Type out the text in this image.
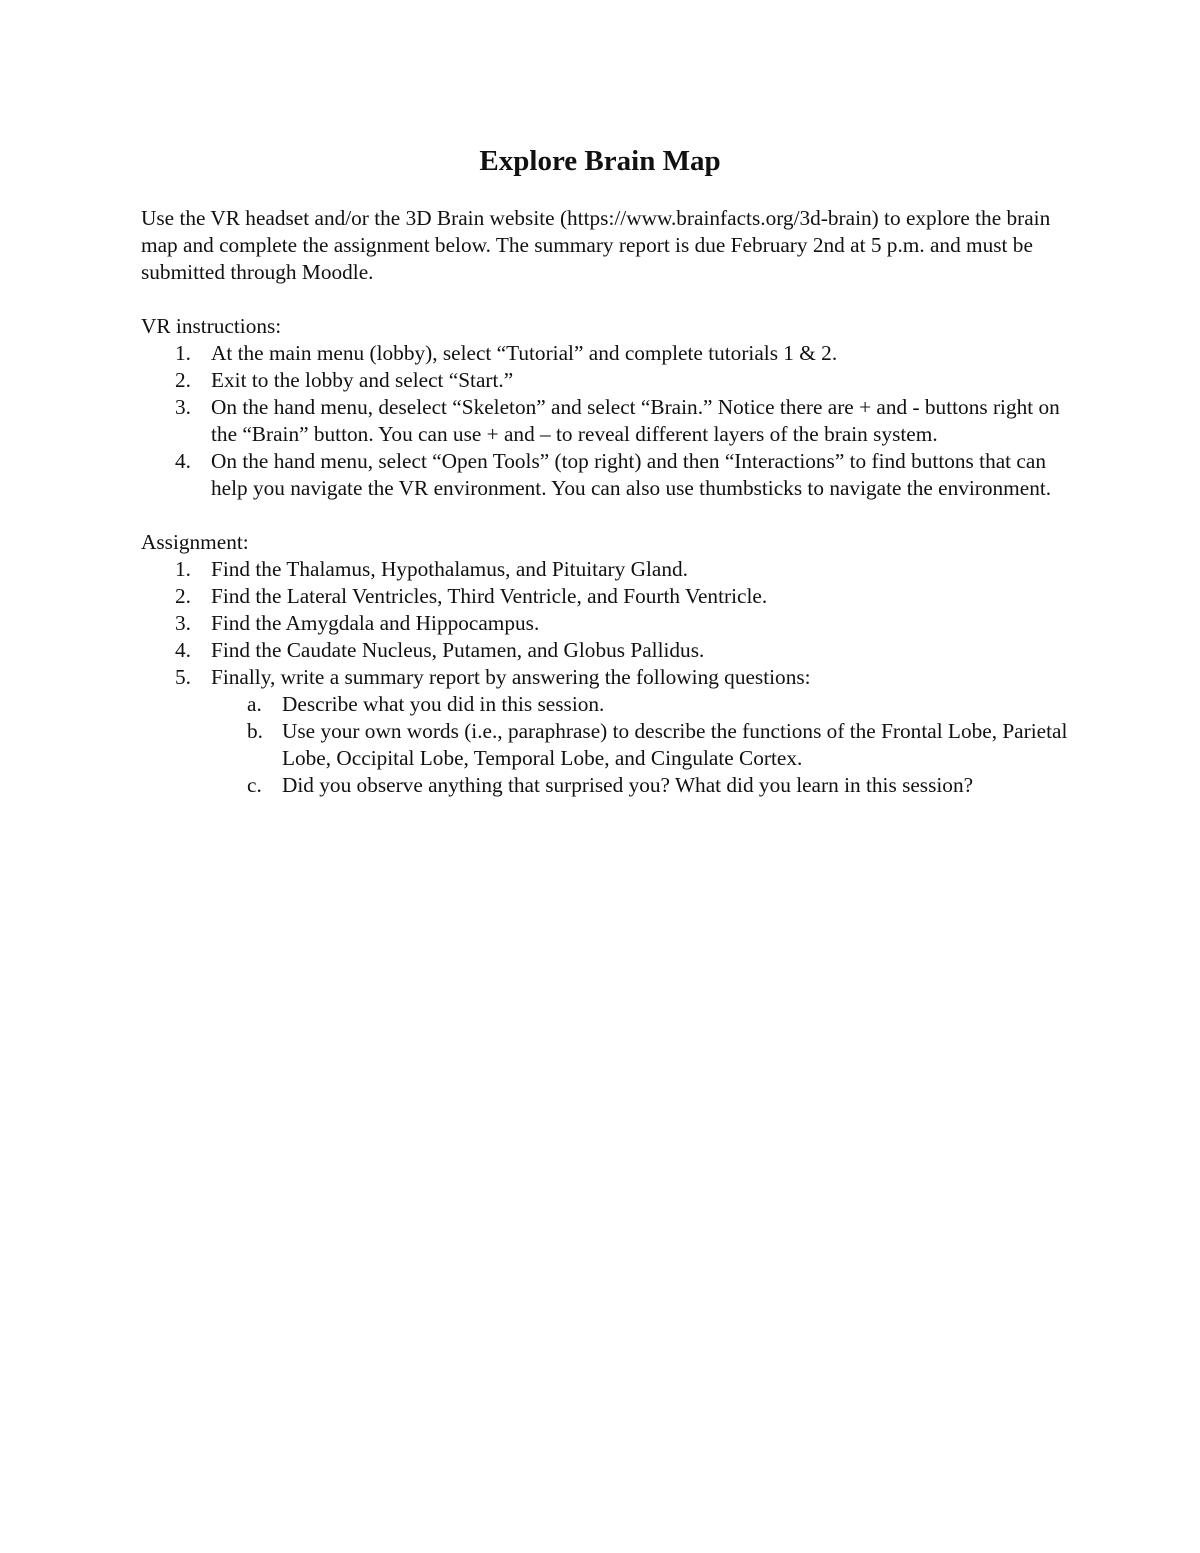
Explore Brain Map

Use the VR headset and/or the 3D Brain website (https://www.brainfacts.org/3d-brain) to explore the brain map and complete the assignment below. The summary report is due February 2nd at 5 p.m. and must be submitted through Moodle.

VR instructions:

1. At the main menu (lobby), select “Tutorial” and complete tutorials 1 & 2.
2. Exit to the lobby and select “Start.”
3. On the hand menu, deselect “Skeleton” and select “Brain.” Notice there are + and - buttons right on the “Brain” button. You can use + and – to reveal different layers of the brain system.
4. On the hand menu, select “Open Tools” (top right) and then “Interactions” to find buttons that can help you navigate the VR environment. You can also use thumbsticks to navigate the environment.

Assignment:

1. Find the Thalamus, Hypothalamus, and Pituitary Gland.
2. Find the Lateral Ventricles, Third Ventricle, and Fourth Ventricle.
3. Find the Amygdala and Hippocampus.
4. Find the Caudate Nucleus, Putamen, and Globus Pallidus.
5. Finally, write a summary report by answering the following questions:
a. Describe what you did in this session.
b. Use your own words (i.e., paraphrase) to describe the functions of the Frontal Lobe, Parietal Lobe, Occipital Lobe, Temporal Lobe, and Cingulate Cortex.
c. Did you observe anything that surprised you? What did you learn in this session?
